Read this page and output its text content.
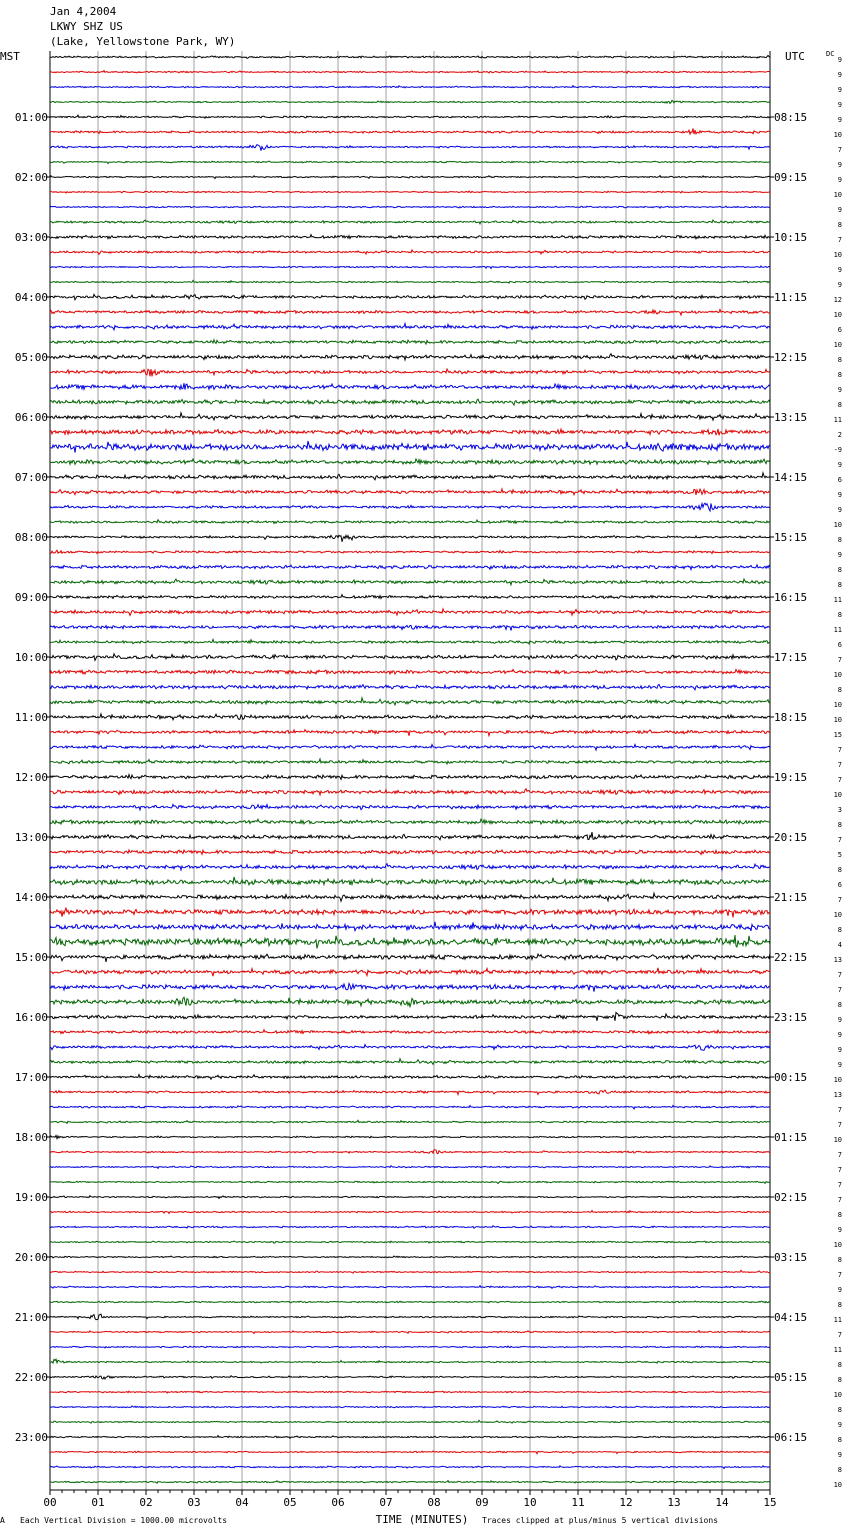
Jan 4,2004
LKWY SHZ US
(Lake, Yellowstone Park, WY)
00	01	02	03	04	05	06	07	08	09	10	11	12	13	14	15
TIME (MINUTES)
MST	UTC	DC
9
9
9
9
9
01:00	08:15
10
7
9
9
02:00	09:15
10
9
8
7
03:00	10:15
10
9
9
12
04:00	11:15
10
6
10
8
05:00	12:15
8
9
8
11
06:00	13:15
2
-9
9
6
07:00	14:15
9
9
10
8
08:00	15:15
9
8
8
11
09:00	16:15
8
11
6
7
10:00	17:15
10
8
10
10
11:00	18:15
15
7
7
7
12:00	19:15
10
3
8
7
13:00	20:15
5
8
6
7
14:00	21:15
10
8
4
13
15:00	22:15
7
7
8
9
16:00	23:15
9
9
9
10
17:00	00:15
13
7
7
10
18:00	01:15
7
7
7
7
19:00	02:15
8
9
10
8
20:00	03:15
7
9
8
11
21:00	04:15
7
11
8
8
22:00	05:15
10
8
9
8
23:00	06:15
9
8
10
A Each Vertical Division = 1000.00 microvolts	Traces clipped at plus/minus 5 vertical divisions
